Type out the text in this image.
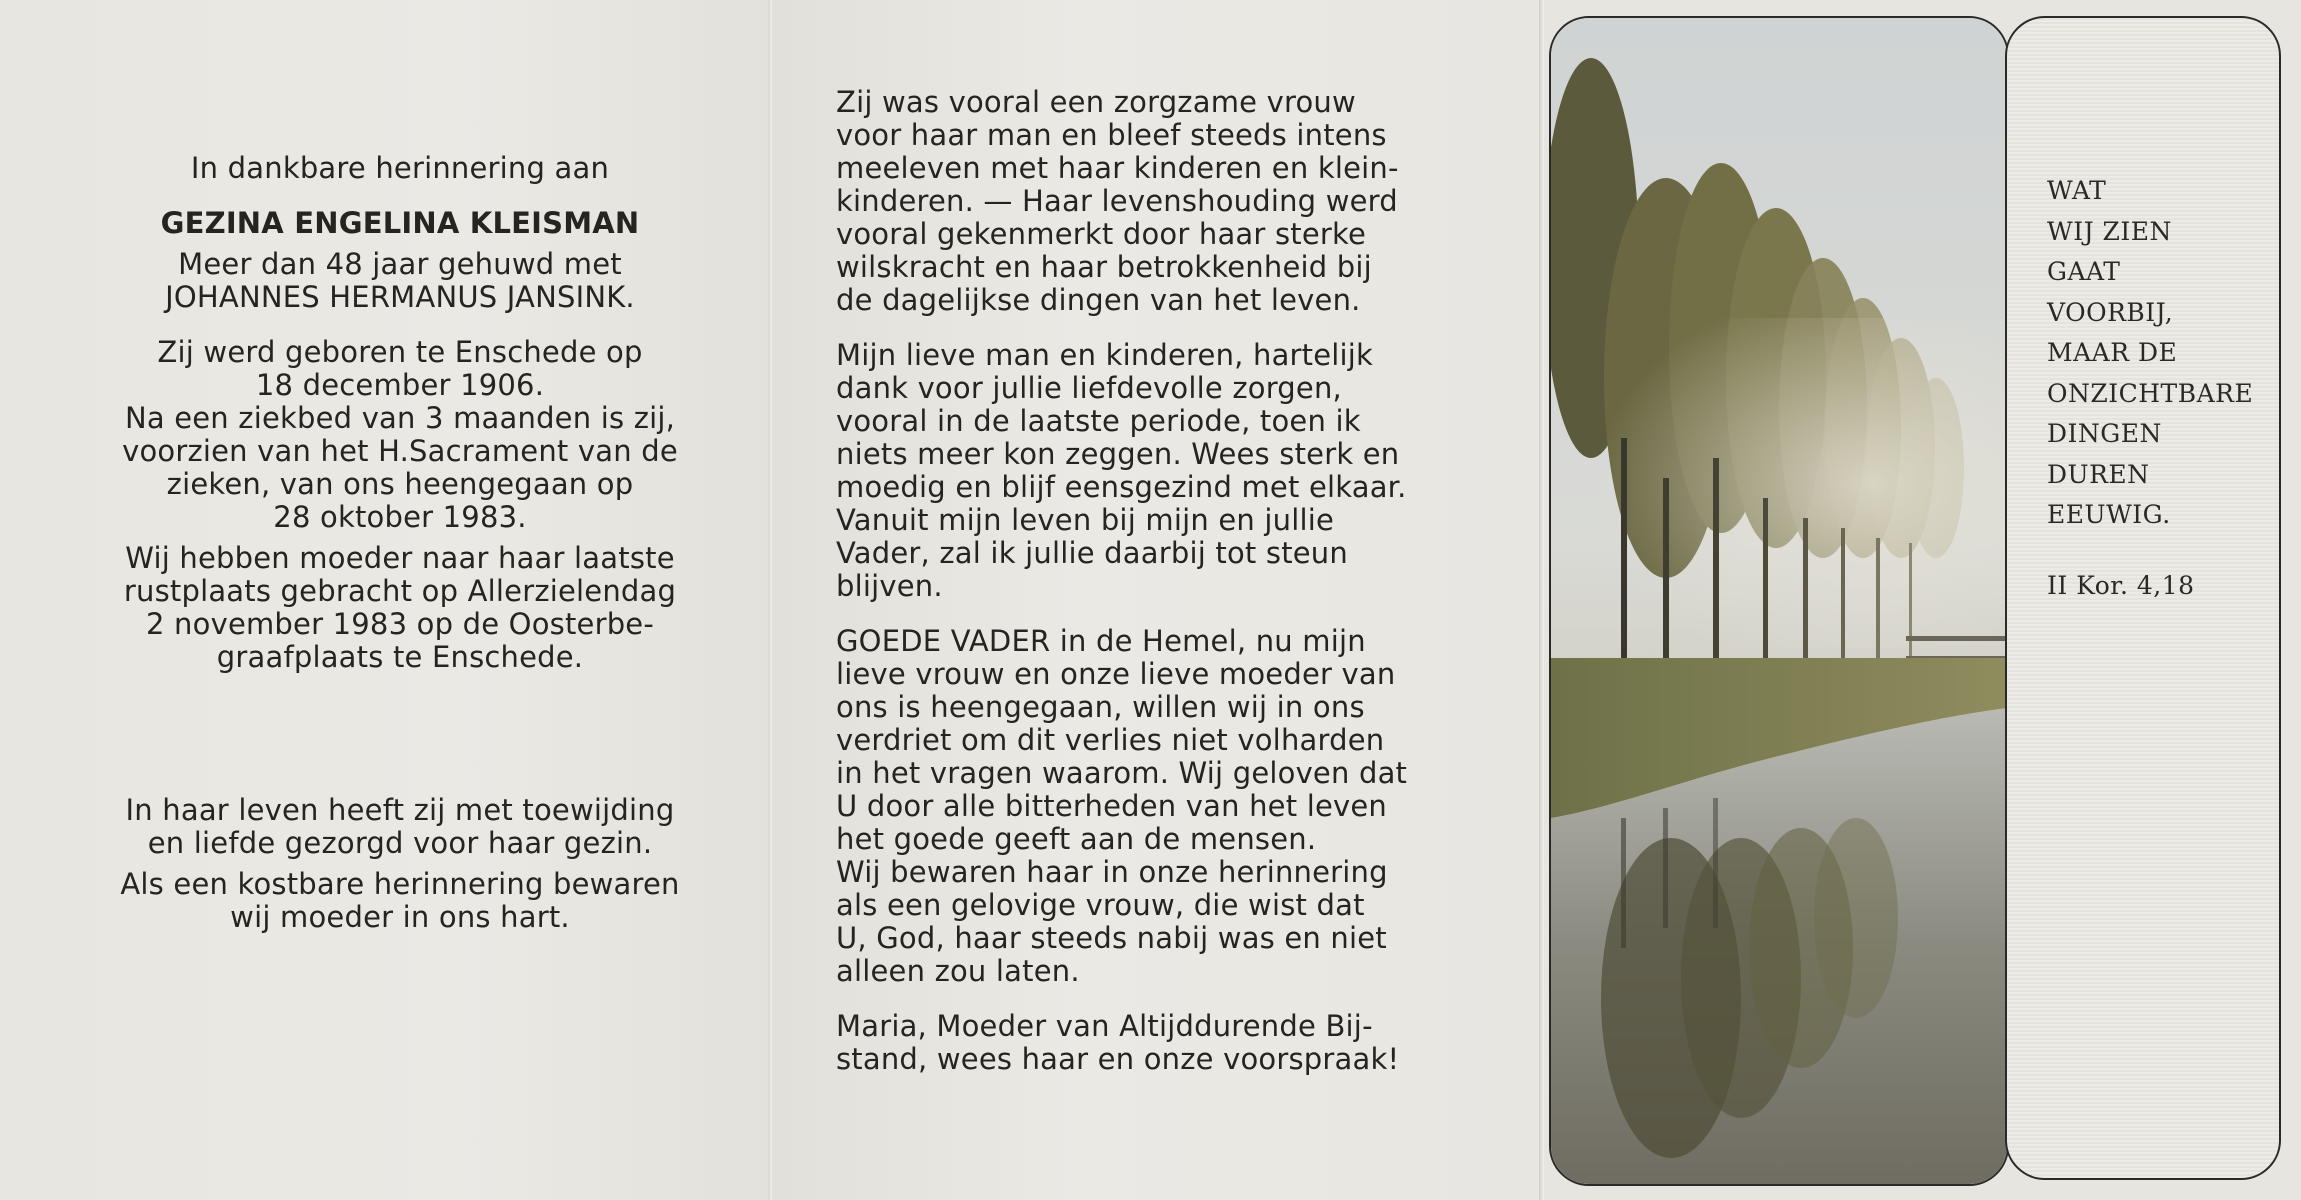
In dankbare herinnering aan
GEZINA ENGELINA KLEISMAN
Meer dan 48 jaar gehuwd met
JOHANNES HERMANUS JANSINK.
Zij werd geboren te Enschede op
18 december 1906.
Na een ziekbed van 3 maanden is zij,
voorzien van het H.Sacrament van de
zieken, van ons heengegaan op
28 oktober 1983.
Wij hebben moeder naar haar laatste
rustplaats gebracht op Allerzielendag
2 november 1983 op de Oosterbe-
graafplaats te Enschede.
In haar leven heeft zij met toewijding
en liefde gezorgd voor haar gezin.
Als een kostbare herinnering bewaren
wij moeder in ons hart.

Zij was vooral een zorgzame vrouw
voor haar man en bleef steeds intens
meeleven met haar kinderen en klein-
kinderen. — Haar levenshouding werd
vooral gekenmerkt door haar sterke
wilskracht en haar betrokkenheid bij
de dagelijkse dingen van het leven.

Mijn lieve man en kinderen, hartelijk
dank voor jullie liefdevolle zorgen,
vooral in de laatste periode, toen ik
niets meer kon zeggen. Wees sterk en
moedig en blijf eensgezind met elkaar.
Vanuit mijn leven bij mijn en jullie
Vader, zal ik jullie daarbij tot steun
blijven.

GOEDE VADER in de Hemel, nu mijn
lieve vrouw en onze lieve moeder van
ons is heengegaan, willen wij in ons
verdriet om dit verlies niet volharden
in het vragen waarom. Wij geloven dat
U door alle bitterheden van het leven
het goede geeft aan de mensen.
Wij bewaren haar in onze herinnering
als een gelovige vrouw, die wist dat
U, God, haar steeds nabij was en niet
alleen zou laten.

Maria, Moeder van Altijddurende Bij-
stand, wees haar en onze voorspraak!

WAT
WIJ ZIEN
GAAT
VOORBIJ,
MAAR DE
ONZICHTBARE
DINGEN
DUREN
EEUWIG.
II Kor. 4,18
